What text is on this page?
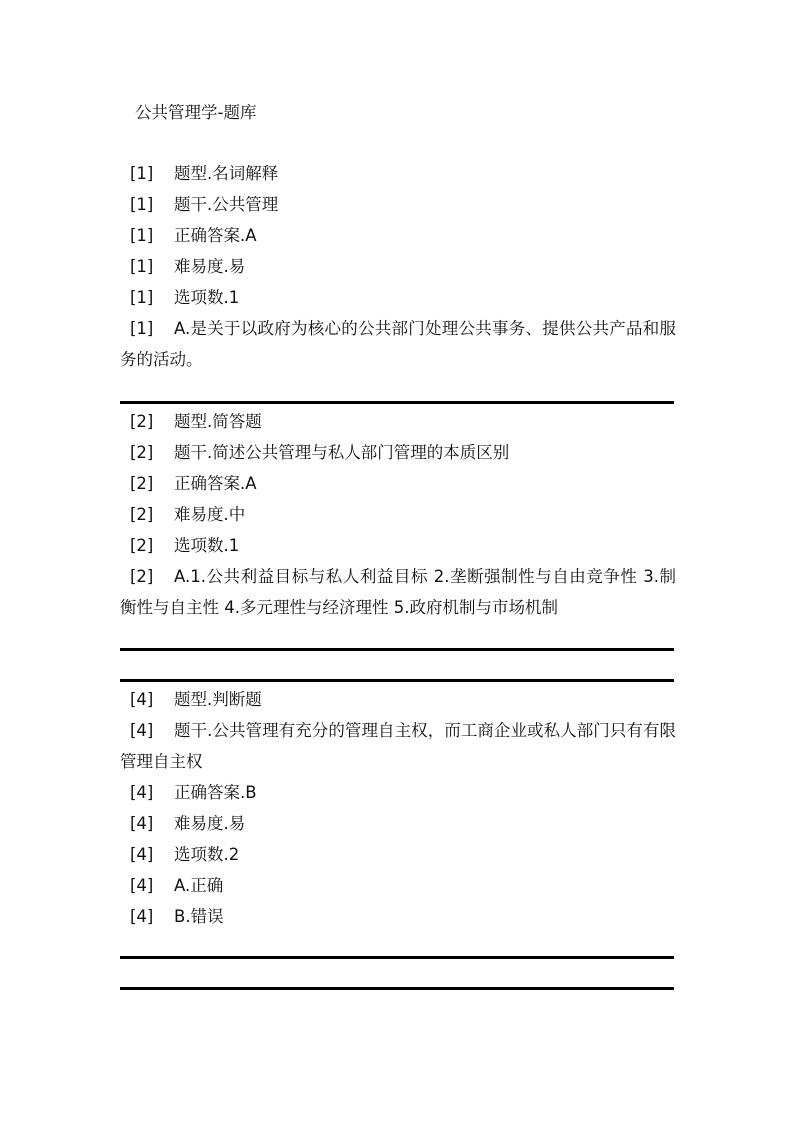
公共管理学-题库

[1] 题型.名词解释

[1] 题干.公共管理

[1] 正确答案.A

[1] 难易度.易

[1] 选项数.1

[1] A.是关于以政府为核心的公共部门处理公共事务、提供公共产品和服务的活动。

[2] 题型.简答题

[2] 题干.简述公共管理与私人部门管理的本质区别

[2] 正确答案.A

[2] 难易度.中

[2] 选项数.1

[2] A.1.公共利益目标与私人利益目标 2.垄断强制性与自由竞争性 3.制衡性与自主性 4.多元理性与经济理性 5.政府机制与市场机制

[4] 题型.判断题

[4] 题干.公共管理有充分的管理自主权，而工商企业或私人部门只有有限管理自主权

[4] 正确答案.B

[4] 难易度.易

[4] 选项数.2

[4] A.正确

[4] B.错误
